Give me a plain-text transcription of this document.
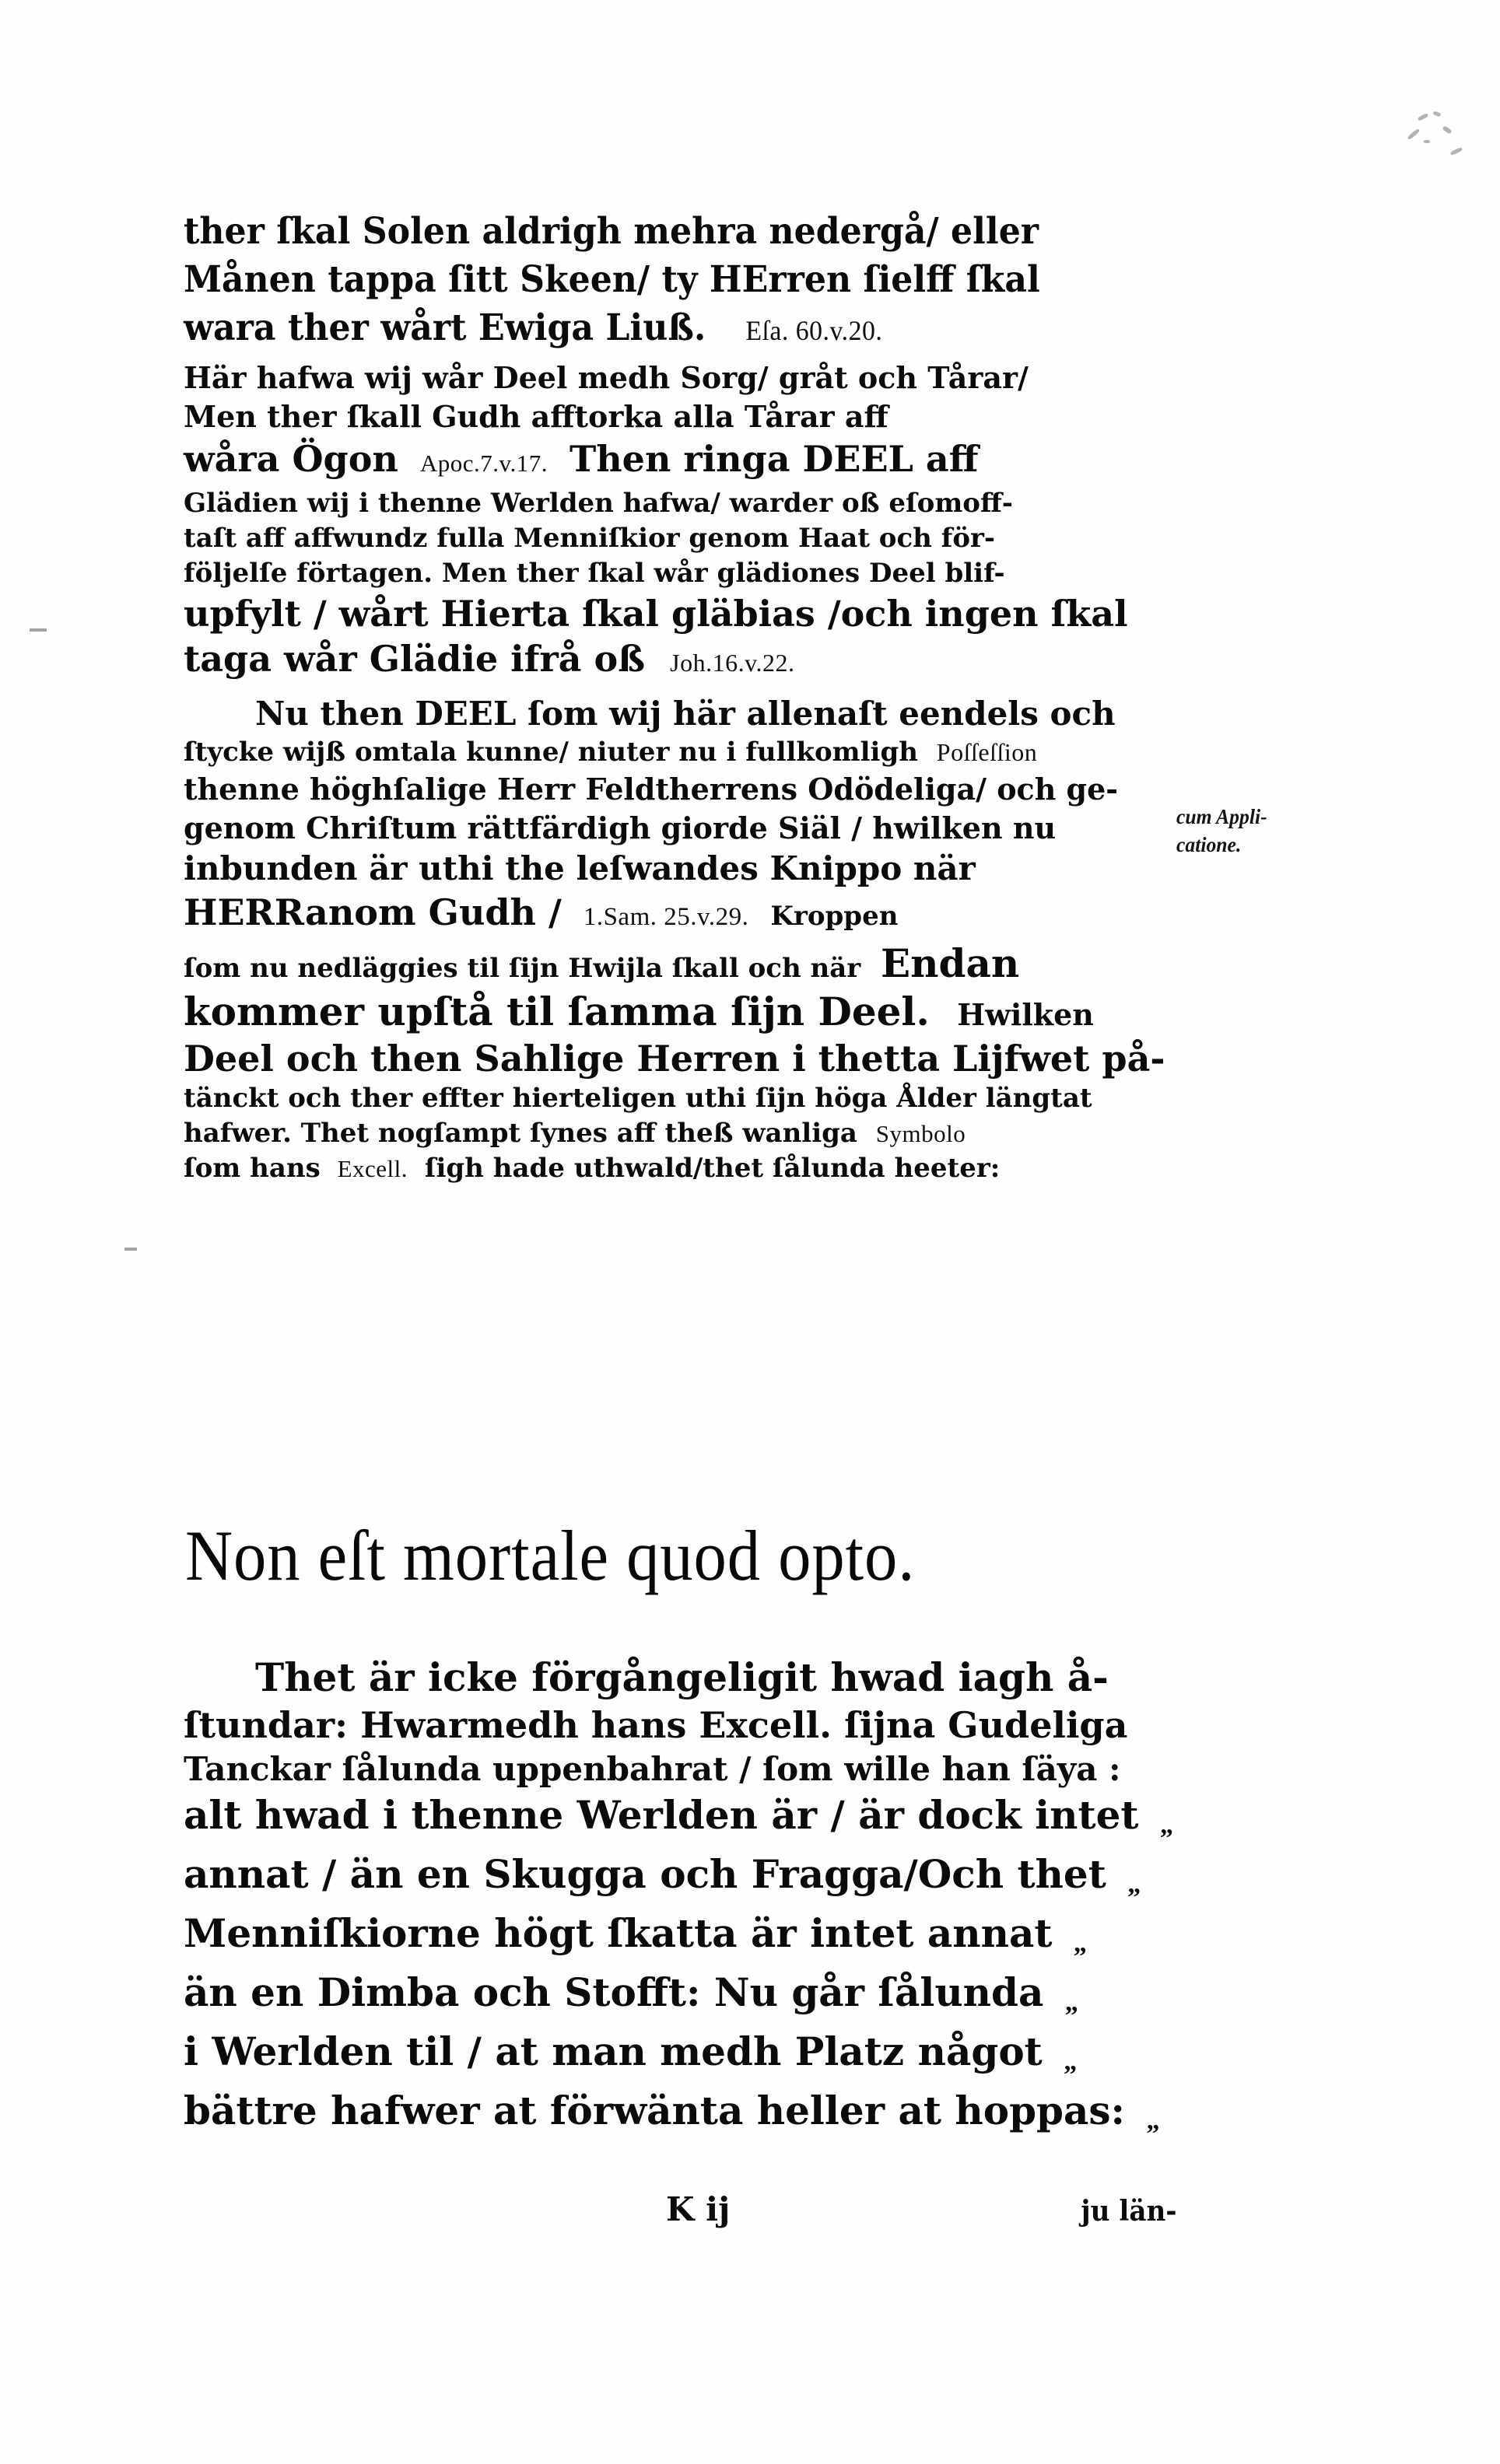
ther ſkal Solen aldrigh mehra nedergå/ eller
Månen tappa ſitt Skeen/ ty HErren ſielff ſkal
wara ther wårt Ewiga Liuß. Eſa. 60.v.20.
Här hafwa wij wår Deel medh Sorg/ gråt och Tårar/
Men ther ſkall Gudh afftorka alla Tårar aff
wåra Ögon Apoc.7.v.17. Then ringa DEEL aff
Glädien wij i thenne Werlden hafwa/ warder oß eſomoff-
taſt aff affwundz fulla Menniſkior genom Haat och för-
följelſe förtagen. Men ther ſkal wår glädiones Deel blif-
upfylt / wårt Hierta ſkal gläbias /och ingen ſkal
taga wår Glädie ifrå oß Joh.16.v.22.
Nu then DEEL ſom wij här allenaſt eendels och
ſtycke wijß omtala kunne/ niuter nu i fullkomligh Poſſeſſion
thenne höghſalige Herr Feldtherrens Odödeliga/ och ge-
genom Chriſtum rättfärdigh giorde Siäl / hwilken nu
inbunden är uthi the leſwandes Knippo när
HERRanom Gudh / 1.Sam. 25.v.29. Kroppen
ſom nu nedläggies til ſijn Hwijla ſkall och när Endan
kommer upſtå til ſamma ſijn Deel. Hwilken
Deel och then Sahlige Herren i thetta Lijfwet på-
tänckt och ther effter hierteligen uthi ſijn höga Ålder längtat
hafwer. Thet nogſampt ſynes aff theß wanliga Symbolo
ſom hans Excell. ſigh hade uthwald/thet ſålunda heeter:
cum Appli-
catione.
Non eſt mortale quod opto.
Thet är icke förgångeligit hwad iagh å-
ſtundar: Hwarmedh hans Excell. ſijna Gudeliga
Tanckar ſålunda uppenbahrat / ſom wille han ſäya :
alt hwad i thenne Werlden är / är dock intet „
annat / än en Skugga och Fragga/Och thet „
Menniſkiorne högt ſkatta är intet annat „
än en Dimba och Stofft: Nu går ſålunda „
i Werlden til / at man medh Platz något „
bättre hafwer at förwänta heller at hoppas: „
K ij	ju län-
